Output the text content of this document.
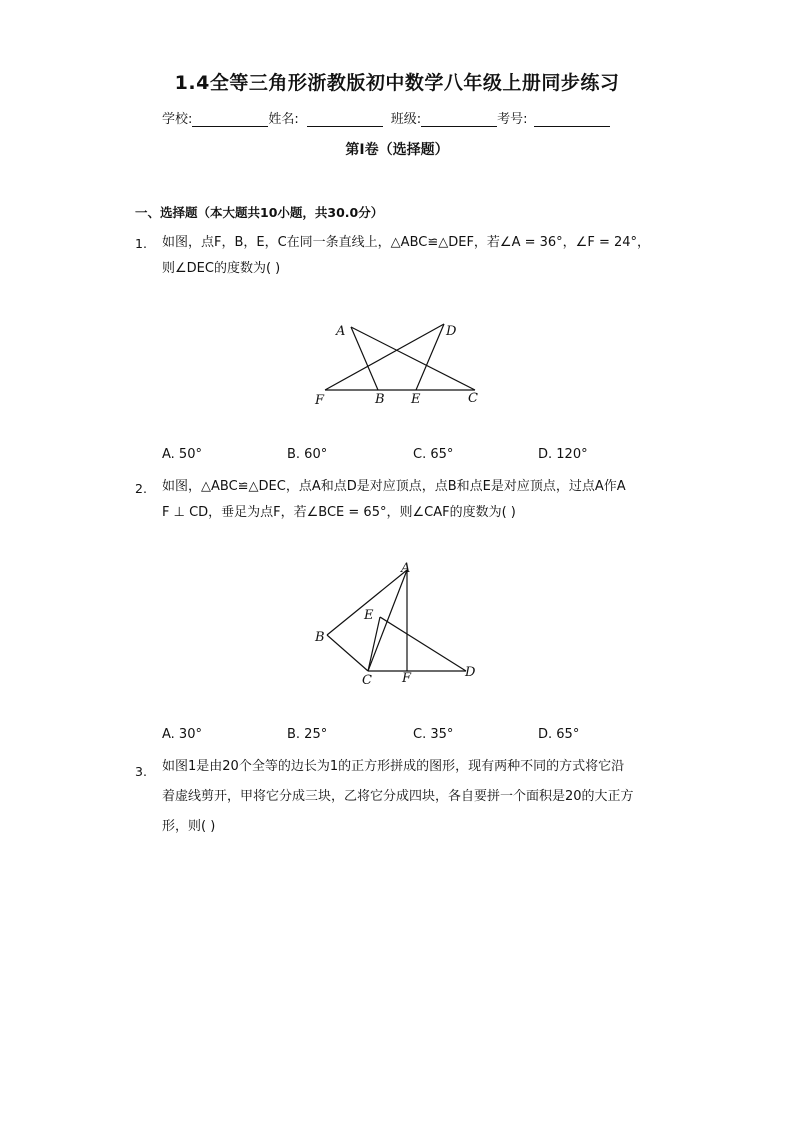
1.4全等三角形浙教版初中数学八年级上册同步练习
学校:	姓名:	班级:	考号:
第I卷（选择题）
一、选择题（本大题共10小题，共30.0分）
1. 如图，点F，B，E，C在同一条直线上，△ABC≌△DEF，若∠A = 36°，∠F = 24°，
则∠DEC的度数为( )
A	D
F	B E	C
A. 50°	B. 60°	C. 65°	D. 120°
2. 如图，△ABC≌△DEC，点A和点D是对应顶点，点B和点E是对应顶点，过点A作A
F ⊥ CD，垂足为点F，若∠BCE = 65°，则∠CAF的度数为( )
A
E
B
C F	D
A. 30°	B. 25°	C. 35°	D. 65°
3. 如图1是由20个全等的边长为1的正方形拼成的图形，现有两种不同的方式将它沿
着虚线剪开，甲将它分成三块，乙将它分成四块，各自要拼一个面积是20的大正方
形，则( )
